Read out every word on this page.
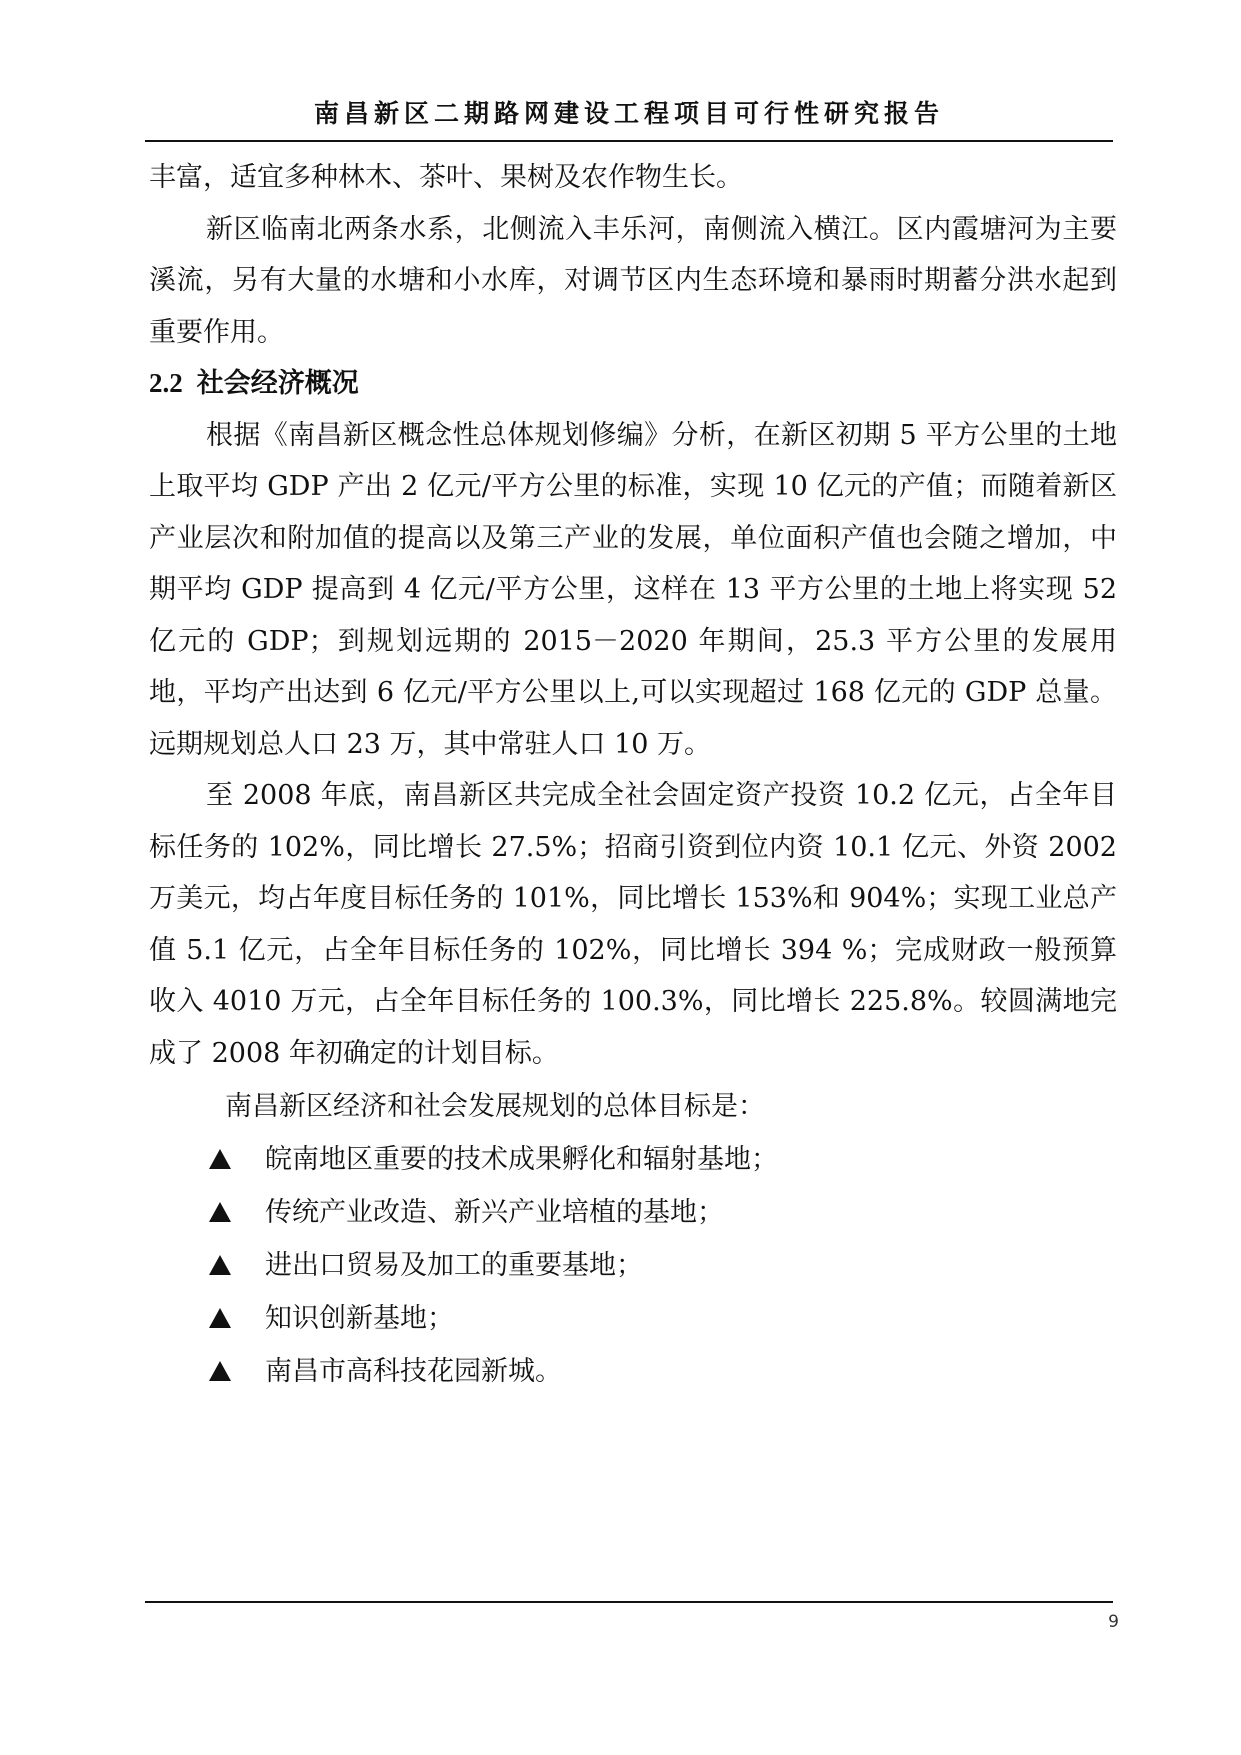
南昌新区二期路网建设工程项目可行性研究报告

丰富，适宜多种林木、茶叶、果树及农作物生长。

新区临南北两条水系，北侧流入丰乐河，南侧流入横江。区内霞塘河为主要溪流，另有大量的水塘和小水库，对调节区内生态环境和暴雨时期蓄分洪水起到重要作用。

2.2 社会经济概况

根据《南昌新区概念性总体规划修编》分析，在新区初期 5 平方公里的土地上取平均 GDP 产出 2 亿元/平方公里的标准，实现 10 亿元的产值；而随着新区产业层次和附加值的提高以及第三产业的发展，单位面积产值也会随之增加，中期平均 GDP 提高到 4 亿元/平方公里，这样在 13 平方公里的土地上将实现 52 亿元的 GDP；到规划远期的 2015－2020 年期间，25.3 平方公里的发展用地，平均产出达到 6 亿元/平方公里以上,可以实现超过 168 亿元的 GDP 总量。远期规划总人口 23 万，其中常驻人口 10 万。

至 2008 年底，南昌新区共完成全社会固定资产投资 10.2 亿元，占全年目标任务的 102%，同比增长 27.5%；招商引资到位内资 10.1 亿元、外资 2002 万美元，均占年度目标任务的 101%，同比增长 153%和 904%；实现工业总产值 5.1 亿元，占全年目标任务的 102%，同比增长 394 %；完成财政一般预算收入 4010 万元，占全年目标任务的 100.3%，同比增长 225.8%。较圆满地完成了 2008 年初确定的计划目标。

南昌新区经济和社会发展规划的总体目标是：

皖南地区重要的技术成果孵化和辐射基地；
传统产业改造、新兴产业培植的基地；
进出口贸易及加工的重要基地；
知识创新基地；
南昌市高科技花园新城。
9
